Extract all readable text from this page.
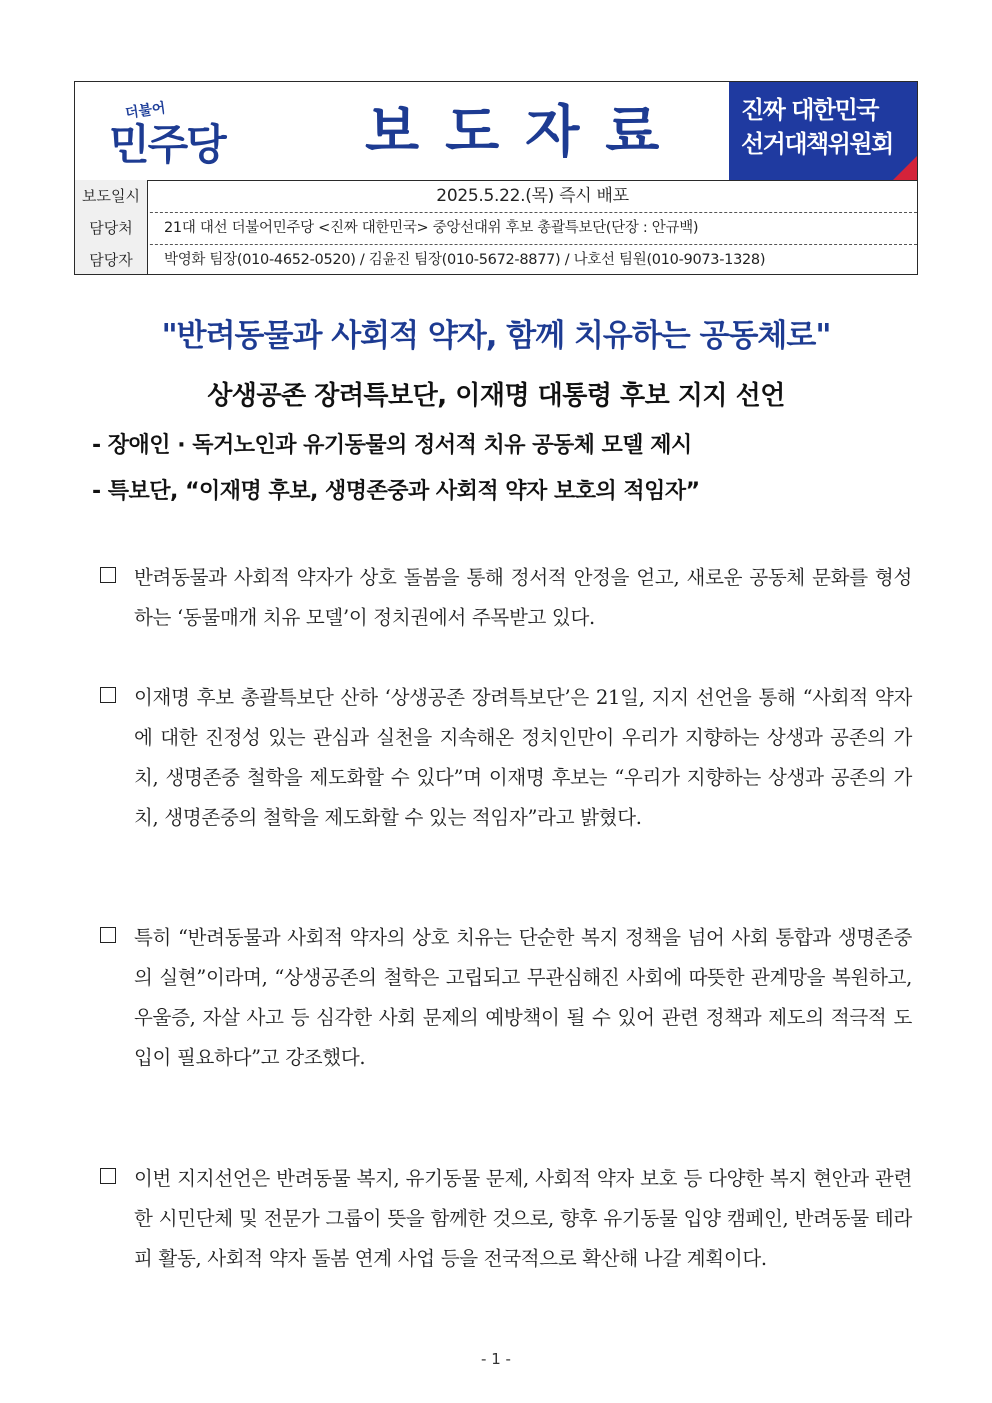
더불어
민주당	보도자료 진짜 대한민국
선거대책위원회
보도일시	2025.5.22.(목) 즉시 배포
담당처	21대 대선 더불어민주당 <진짜 대한민국> 중앙선대위 후보 총괄특보단(단장 : 안규백)
담당자	박영화 팀장(010-4652-0520) / 김윤진 팀장(010-5672-8877) / 나호선 팀원(010-9073-1328)
"반려동물과 사회적 약자, 함께 치유하는 공동체로"
상생공존 장려특보단, 이재명 대통령 후보 지지 선언
- 장애인 · 독거노인과 유기동물의 정서적 치유 공동체 모델 제시
- 특보단, “이재명 후보, 생명존중과 사회적 약자 보호의 적임자”
반려동물과 사회적 약자가 상호 돌봄을 통해 정서적 안정을 얻고, 새로운 공동체 문화를 형성하는 ‘동물매개 치유 모델’이 정치권에서 주목받고 있다.
이재명 후보 총괄특보단 산하 ‘상생공존 장려특보단’은 21일, 지지 선언을 통해 “사회적 약자에 대한 진정성 있는 관심과 실천을 지속해온 정치인만이 우리가 지향하는 상생과 공존의 가치, 생명존중 철학을 제도화할 수 있다”며 이재명 후보는 “우리가 지향하는 상생과 공존의 가치, 생명존중의 철학을 제도화할 수 있는 적임자”라고 밝혔다.
특히 “반려동물과 사회적 약자의 상호 치유는 단순한 복지 정책을 넘어 사회 통합과 생명존중의 실현”이라며, “상생공존의 철학은 고립되고 무관심해진 사회에 따뜻한 관계망을 복원하고, 우울증, 자살 사고 등 심각한 사회 문제의 예방책이 될 수 있어 관련 정책과 제도의 적극적 도입이 필요하다”고 강조했다.
이번 지지선언은 반려동물 복지, 유기동물 문제, 사회적 약자 보호 등 다양한 복지 현안과 관련한 시민단체 및 전문가 그룹이 뜻을 함께한 것으로, 향후 유기동물 입양 캠페인, 반려동물 테라피 활동, 사회적 약자 돌봄 연계 사업 등을 전국적으로 확산해 나갈 계획이다.
- 1 -
